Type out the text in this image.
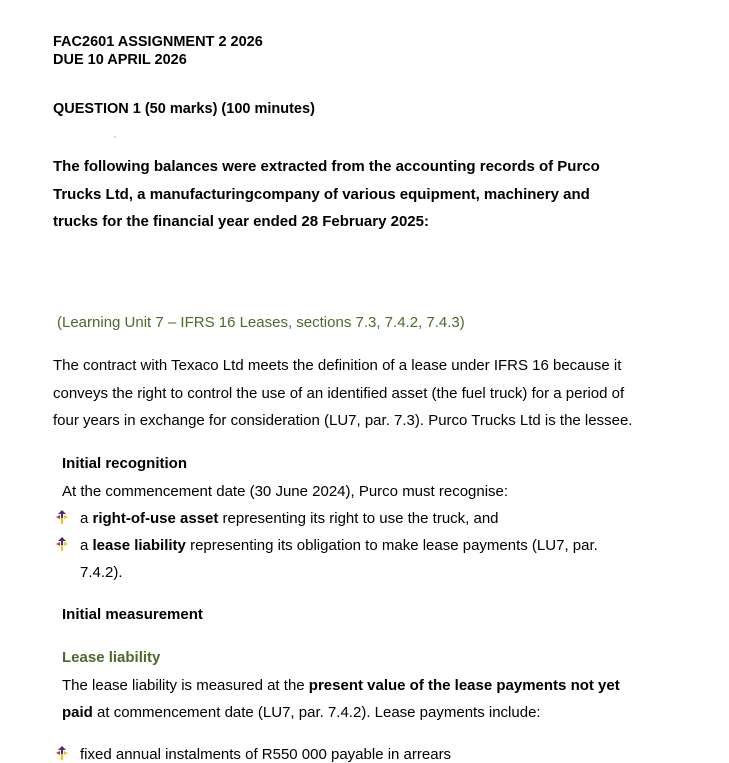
FAC2601 ASSIGNMENT 2 2026
DUE 10 APRIL 2026
QUESTION 1 (50 marks) (100 minutes)
The following balances were extracted from the accounting records of Purco
Trucks Ltd, a manufacturingcompany of various equipment, machinery and
trucks for the financial year ended 28 February 2025:
(Learning Unit 7 – IFRS 16 Leases, sections 7.3, 7.4.2, 7.4.3)
The contract with Texaco Ltd meets the definition of a lease under IFRS 16 because it
conveys the right to control the use of an identified asset (the fuel truck) for a period of
four years in exchange for consideration (LU7, par. 7.3). Purco Trucks Ltd is the lessee.
Initial recognition
At the commencement date (30 June 2024), Purco must recognise:
a right-of-use asset representing its right to use the truck, and
a lease liability representing its obligation to make lease payments (LU7, par.
7.4.2).
Initial measurement
Lease liability
The lease liability is measured at the present value of the lease payments not yet
paid at commencement date (LU7, par. 7.4.2). Lease payments include:
fixed annual instalments of R550 000 payable in arrears
